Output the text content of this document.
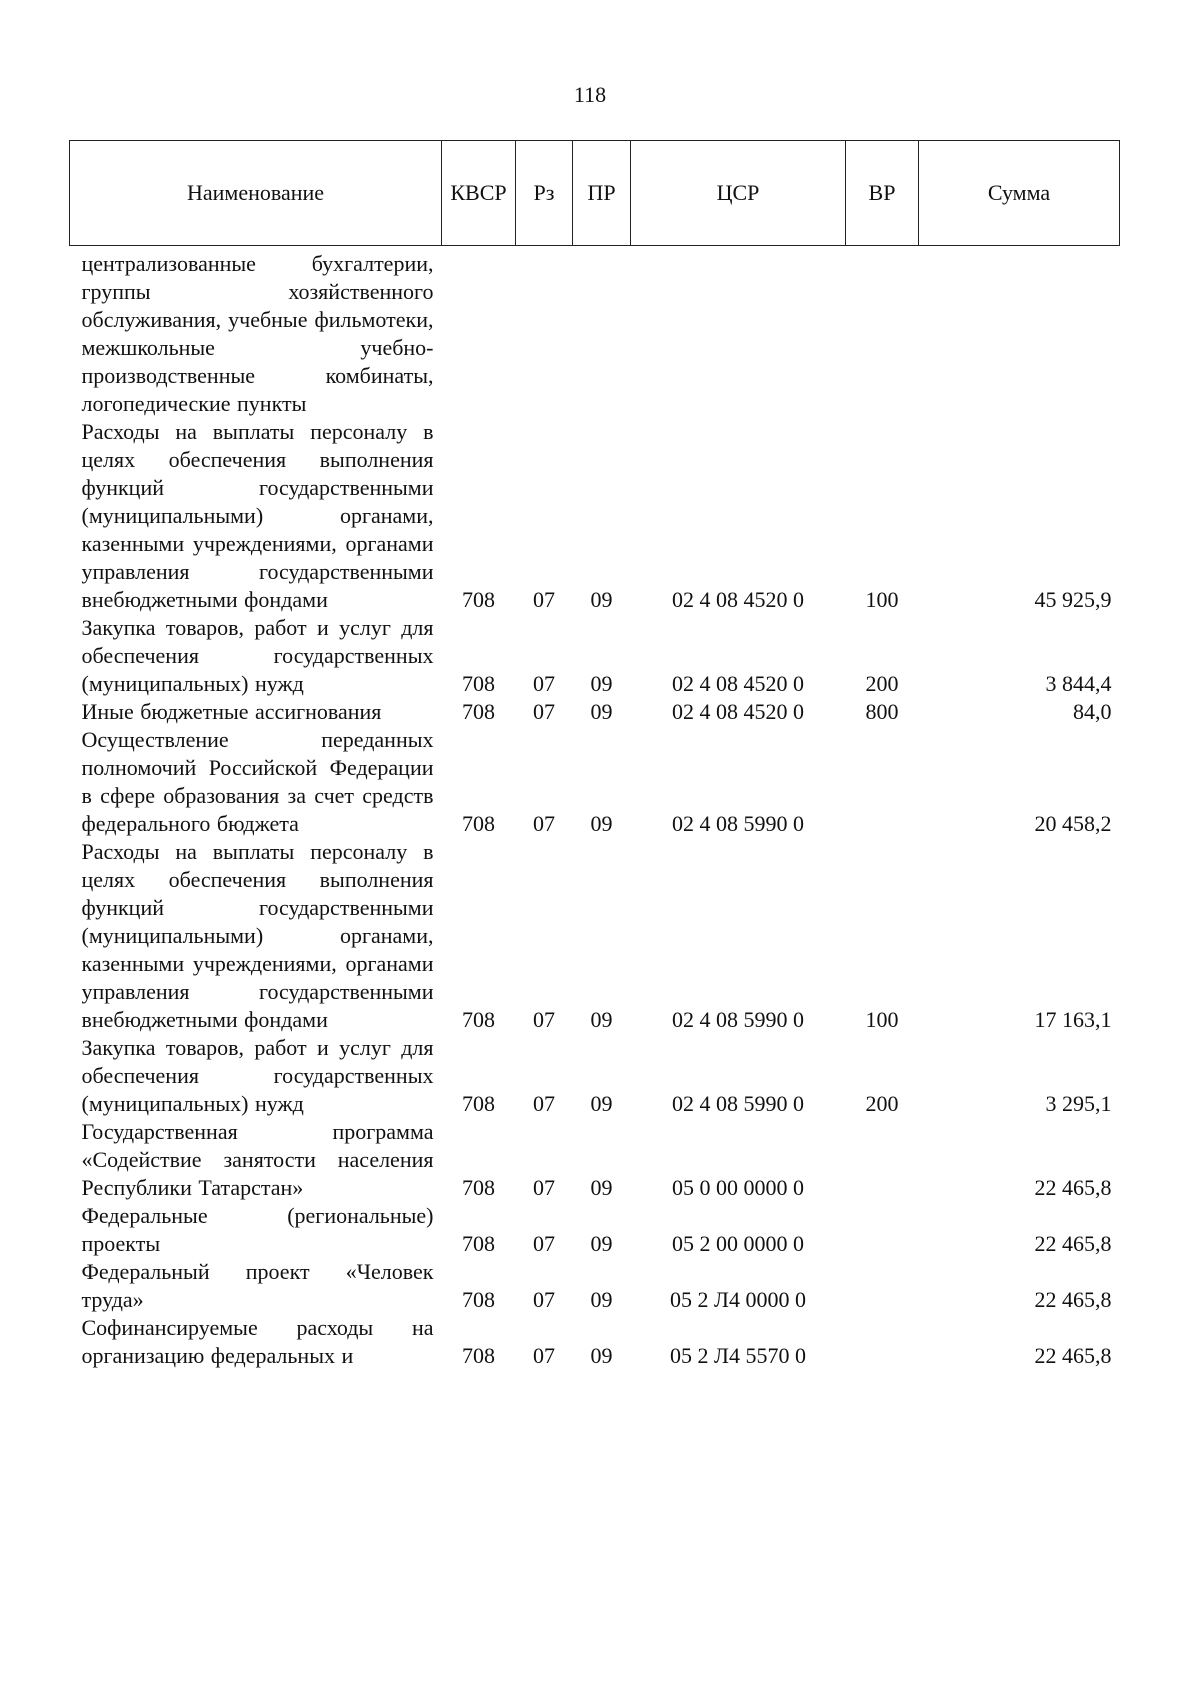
118
Наименование	КВСР	Рз	ПР	ЦСР	ВР	Сумма
централизованные бухгалтерии, группы хозяйственного обслуживания, учебные фильмотеки, межшкольные учебно-производственные комбинаты, логопедические пункты						
Расходы на выплаты персоналу в целях обеспечения выполнения функций государственными (муниципальными) органами, казенными учреждениями, органами управления государственными внебюджетными фондами	708	07	09	02 4 08 4520 0	100	45 925,9
Закупка товаров, работ и услуг для обеспечения государственных (муниципальных) нужд	708	07	09	02 4 08 4520 0	200	3 844,4
Иные бюджетные ассигнования	708	07	09	02 4 08 4520 0	800	84,0
Осуществление переданных полномочий Российской Федерации в сфере образования за счет средств федерального бюджета	708	07	09	02 4 08 5990 0		20 458,2
Расходы на выплаты персоналу в целях обеспечения выполнения функций государственными (муниципальными) органами, казенными учреждениями, органами управления государственными внебюджетными фондами	708	07	09	02 4 08 5990 0	100	17 163,1
Закупка товаров, работ и услуг для обеспечения государственных (муниципальных) нужд	708	07	09	02 4 08 5990 0	200	3 295,1
Государственная программа «Содействие занятости населения Республики Татарстан»	708	07	09	05 0 00 0000 0		22 465,8
Федеральные (региональные) проекты	708	07	09	05 2 00 0000 0		22 465,8
Федеральный проект «Человек труда»	708	07	09	05 2 Л4 0000 0		22 465,8
Софинансируемые расходы на организацию федеральных и	708	07	09	05 2 Л4 5570 0		22 465,8
